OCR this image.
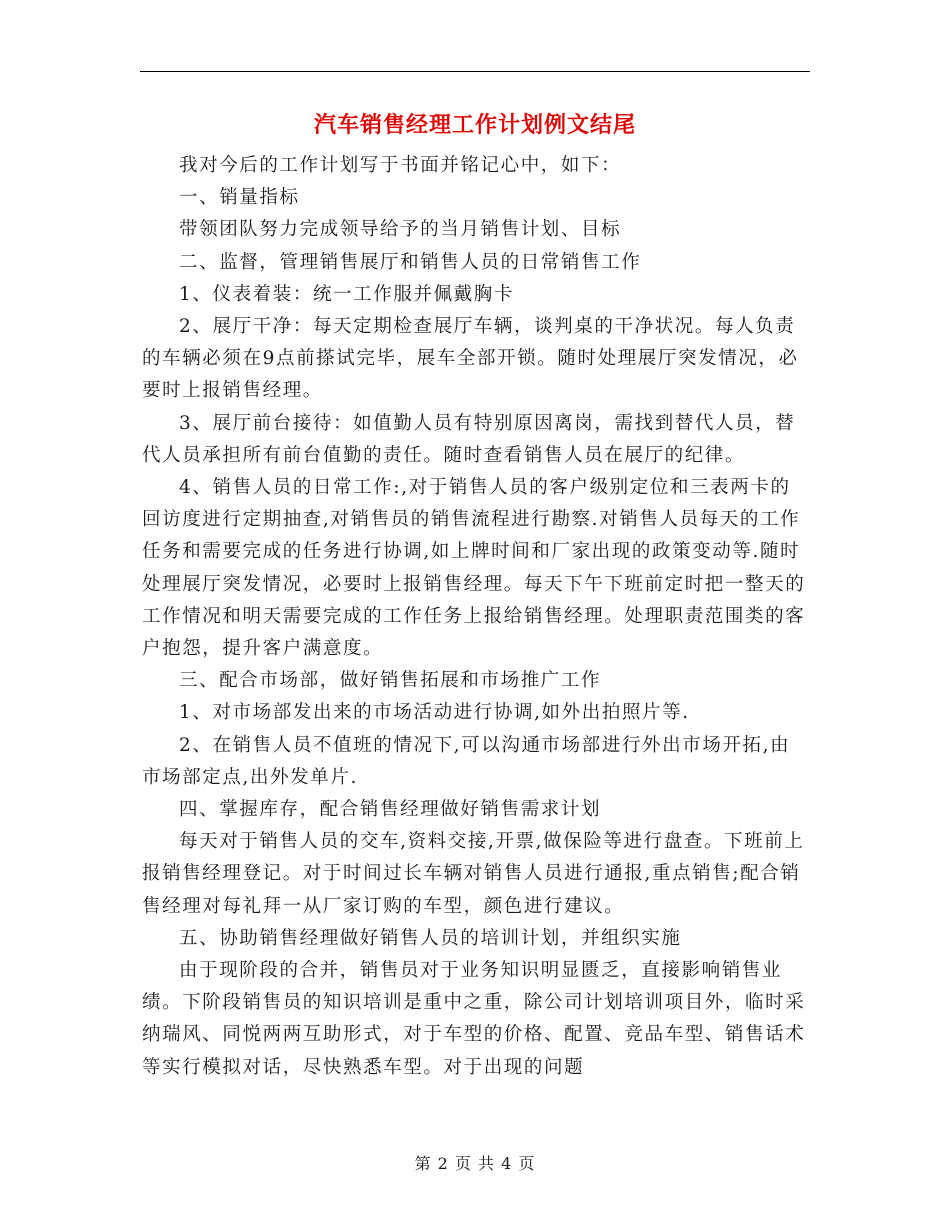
汽车销售经理工作计划例文结尾

我对今后的工作计划写于书面并铭记心中，如下：

一、销量指标

带领团队努力完成领导给予的当月销售计划、目标

二、监督，管理销售展厅和销售人员的日常销售工作

1、仪表着装：统一工作服并佩戴胸卡

2、展厅干净：每天定期检查展厅车辆，谈判桌的干净状况。每人负责的车辆必须在9点前搽试完毕，展车全部开锁。随时处理展厅突发情况，必要时上报销售经理。

3、展厅前台接待：如值勤人员有特别原因离岗，需找到替代人员，替代人员承担所有前台值勤的责任。随时查看销售人员在展厅的纪律。

4、销售人员的日常工作:,对于销售人员的客户级别定位和三表两卡的回访度进行定期抽查,对销售员的销售流程进行勘察.对销售人员每天的工作任务和需要完成的任务进行协调,如上牌时间和厂家出现的政策变动等.随时处理展厅突发情况，必要时上报销售经理。每天下午下班前定时把一整天的工作情况和明天需要完成的工作任务上报给销售经理。处理职责范围类的客户抱怨，提升客户满意度。

三、配合市场部，做好销售拓展和市场推广工作

1、对市场部发出来的市场活动进行协调,如外出拍照片等.

2、在销售人员不值班的情况下,可以沟通市场部进行外出市场开拓,由市场部定点,出外发单片.

四、掌握库存，配合销售经理做好销售需求计划

每天对于销售人员的交车,资料交接,开票,做保险等进行盘查。下班前上报销售经理登记。对于时间过长车辆对销售人员进行通报,重点销售;配合销售经理对每礼拜一从厂家订购的车型，颜色进行建议。

五、协助销售经理做好销售人员的培训计划，并组织实施

由于现阶段的合并，销售员对于业务知识明显匮乏，直接影响销售业绩。下阶段销售员的知识培训是重中之重，除公司计划培训项目外，临时采纳瑞风、同悦两两互助形式，对于车型的价格、配置、竞品车型、销售话术等实行模拟对话，尽快熟悉车型。对于出现的问题

第 2 页 共 4 页
